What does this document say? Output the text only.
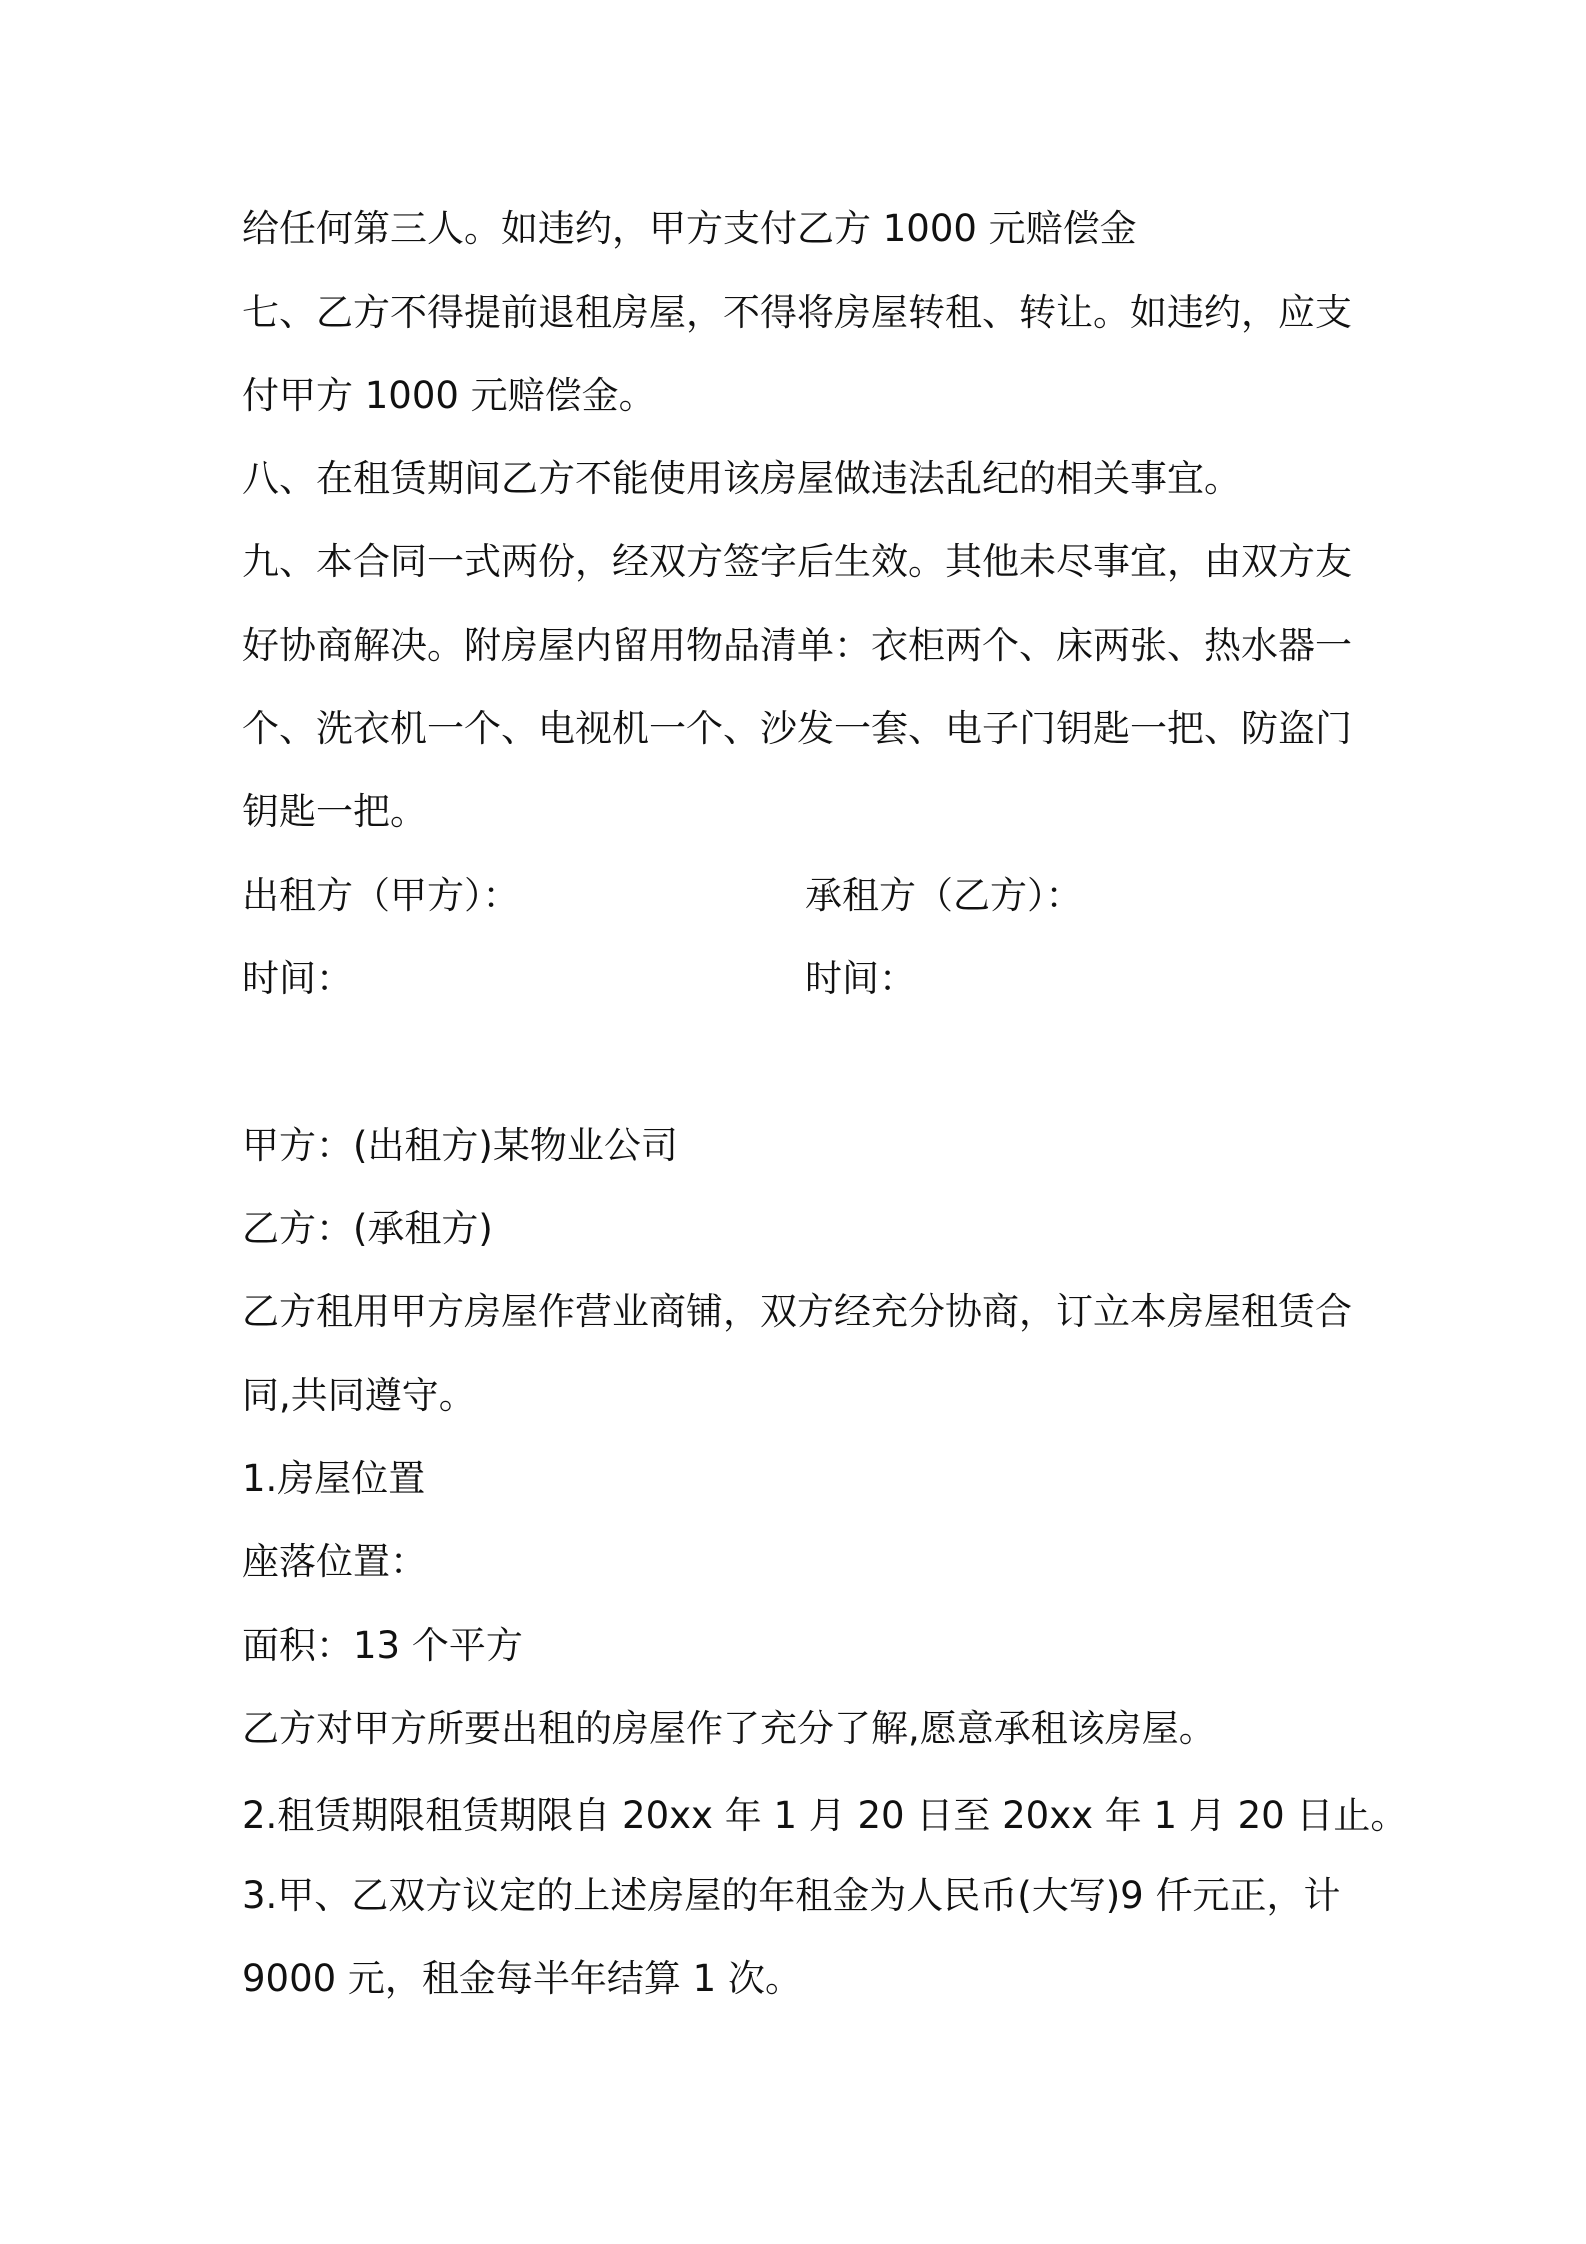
给任何第三人。如违约，甲方支付乙方 1000 元赔偿金
七、乙方不得提前退租房屋，不得将房屋转租、转让。如违约，应支
付甲方 1000 元赔偿金。
八、在租赁期间乙方不能使用该房屋做违法乱纪的相关事宜。
九、本合同一式两份，经双方签字后生效。其他未尽事宜，由双方友
好协商解决。附房屋内留用物品清单：衣柜两个、床两张、热水器一
个、洗衣机一个、电视机一个、沙发一套、电子门钥匙一把、防盗门
钥匙一把。
出租方（甲方）：	承租方（乙方）：
时间：	时间：
甲方：(出租方)某物业公司
乙方：(承租方)
乙方租用甲方房屋作营业商铺，双方经充分协商，订立本房屋租赁合
同,共同遵守。
1.房屋位置
座落位置：
面积：13 个平方
乙方对甲方所要出租的房屋作了充分了解,愿意承租该房屋。
2.租赁期限租赁期限自 20xx 年 1 月 20 日至 20xx 年 1 月 20 日止。
3.甲、乙双方议定的上述房屋的年租金为人民币(大写)9 仟元正，计
9000 元，租金每半年结算 1 次。
